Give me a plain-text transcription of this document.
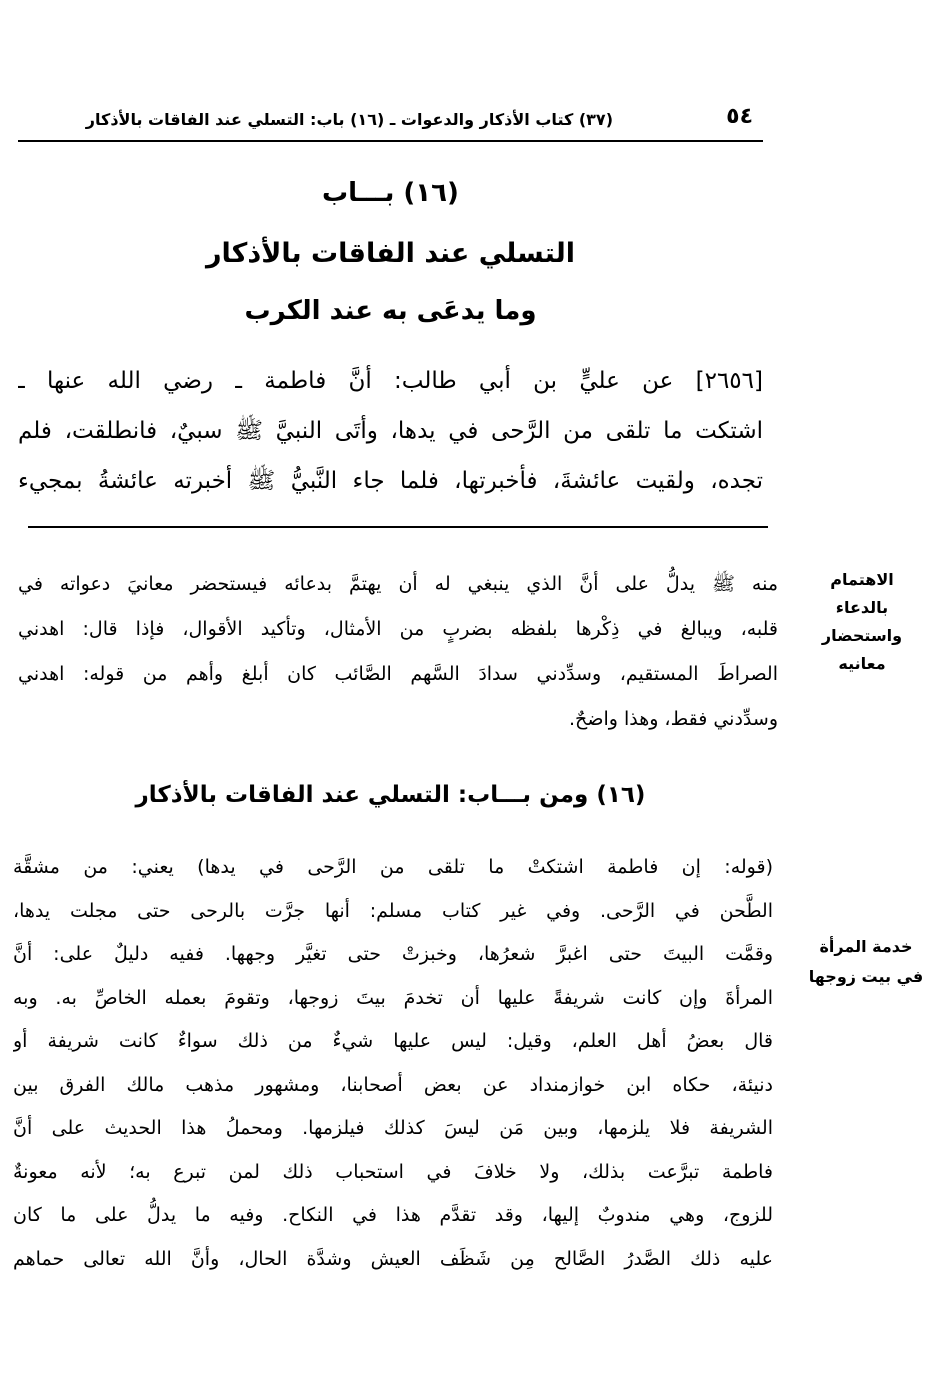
(٣٧) كتاب الأذكار والدعوات ـ (١٦) باب: التسلي عند الفاقات بالأذكار	٥٤
(١٦) بـــاب
التسلي عند الفاقات بالأذكار
وما يدعَى به عند الكرب
[٢٦٥٦] عن عليٍّ بن أبي طالب: أنَّ فاطمة ـ رضي الله عنها ـ
اشتكت ما تلقى من الرَّحى في يدها، وأتَى النبيَّ ﷺ سبيٌ، فانطلقت، فلم
تجده، ولقيت عائشةَ، فأخبرتها، فلما جاء النَّبيُّ ﷺ أخبرته عائشةُ بمجيء
الاهتمام بالدعاء واستحضار معانيه
منه ﷺ يدلُّ على أنَّ الذي ينبغي له أن يهتمَّ بدعائه فيستحضر معانيَ دعواته في
قلبه، ويبالغ في ذِكْرها بلفظه بضربٍ من الأمثال، وتأكيد الأقوال، فإذا قال: اهدني
الصراطَ المستقيم، وسدِّدني سدادَ السَّهم الصَّائب كان أبلغ وأهم من قوله: اهدني
وسدِّدني فقط، وهذا واضحٌ.
(١٦) ومن بـــاب: التسلي عند الفاقات بالأذكار
خدمة المرأة في بيت زوجها
(قوله: إن فاطمة اشتكتْ ما تلقى من الرَّحى في يدها) يعني: من مشقَّة
الطَّحن في الرَّحى. وفي غير كتاب مسلم: أنها جرَّت بالرحى حتى مجلت يدها،
وقمَّت البيتَ حتى اغبرَّ شعرُها، وخبزتْ حتى تغيَّر وجهها. ففيه دليلٌ على: أنَّ
المرأةَ وإن كانت شريفةً عليها أن تخدمَ بيتَ زوجها، وتقومَ بعمله الخاصِّ به. وبه
قال بعضُ أهل العلم، وقيل: ليس عليها شيءٌ من ذلك سواءٌ كانت شريفة أو
دنيئة، حكاه ابن خوازمنداد عن بعض أصحابنا، ومشهور مذهب مالك الفرق بين
الشريفة فلا يلزمها، وبين مَن ليسَ كذلك فيلزمها. ومحملُ هذا الحديث على أنَّ
فاطمة تبرَّعت بذلك، ولا خلافَ في استحباب ذلك لمن تبرع به؛ لأنه معونةٌ
للزوج، وهي مندوبٌ إليها، وقد تقدَّم هذا في النكاح. وفيه ما يدلُّ على ما كان
عليه ذلك الصَّدرُ الصَّالح مِن شَظَف العيش وشدَّة الحال، وأنَّ الله تعالى حماهم
